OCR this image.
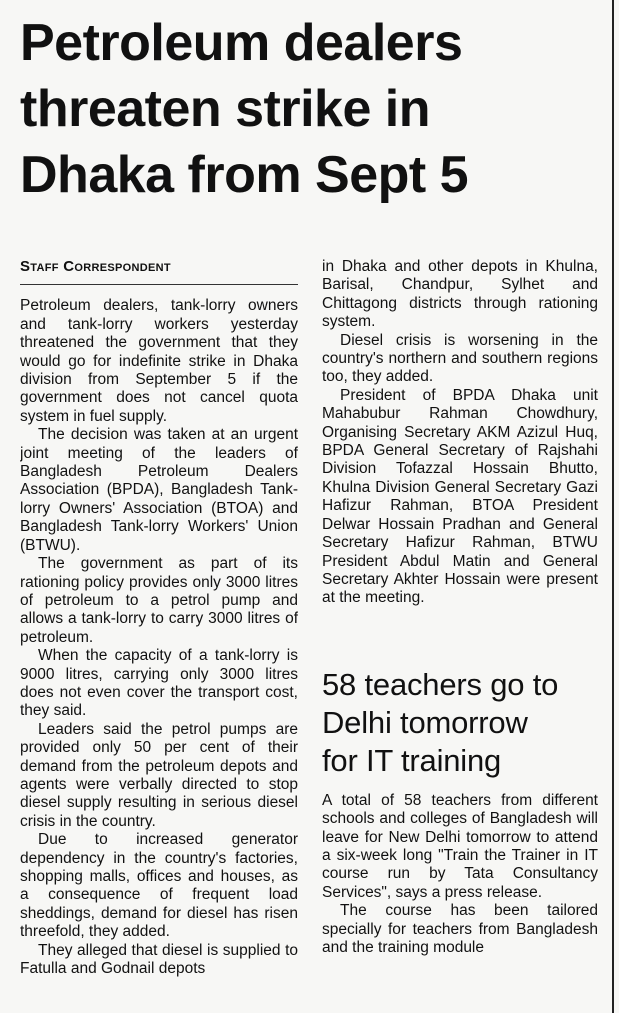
Petroleum dealers
threaten strike in
Dhaka from Sept 5
Staff Correspondent

Petroleum dealers, tank-lorry owners and tank-lorry workers yesterday threatened the government that they would go for indefinite strike in Dhaka division from September 5 if the government does not cancel quota system in fuel supply.

The decision was taken at an urgent joint meeting of the leaders of Bangladesh Petroleum Dealers Association (BPDA), Bangladesh Tank-lorry Owners' Association (BTOA) and Bangladesh Tank-lorry Workers' Union (BTWU).

The government as part of its rationing policy provides only 3000 litres of petroleum to a petrol pump and allows a tank-lorry to carry 3000 litres of petroleum.

When the capacity of a tank-lorry is 9000 litres, carrying only 3000 litres does not even cover the transport cost, they said.

Leaders said the petrol pumps are provided only 50 per cent of their demand from the petroleum depots and agents were verbally directed to stop diesel supply resulting in serious diesel crisis in the country.

Due to increased generator dependency in the country's factories, shopping malls, offices and houses, as a consequence of frequent load sheddings, demand for diesel has risen threefold, they added.

They alleged that diesel is supplied to Fatulla and Godnail depots

in Dhaka and other depots in Khulna, Barisal, Chandpur, Sylhet and Chittagong districts through rationing system.

Diesel crisis is worsening in the country's northern and southern regions too, they added.

President of BPDA Dhaka unit Mahabubur Rahman Chowdhury, Organising Secretary AKM Azizul Huq, BPDA General Secretary of Rajshahi Division Tofazzal Hossain Bhutto, Khulna Division General Secretary Gazi Hafizur Rahman, BTOA President Delwar Hossain Pradhan and General Secretary Hafizur Rahman, BTWU President Abdul Matin and General Secretary Akhter Hossain were present at the meeting.

58 teachers go to
Delhi tomorrow
for IT training

A total of 58 teachers from different schools and colleges of Bangladesh will leave for New Delhi tomorrow to attend a six-week long "Train the Trainer in IT course run by Tata Consultancy Services", says a press release.

The course has been tailored specially for teachers from Bangladesh and the training module
